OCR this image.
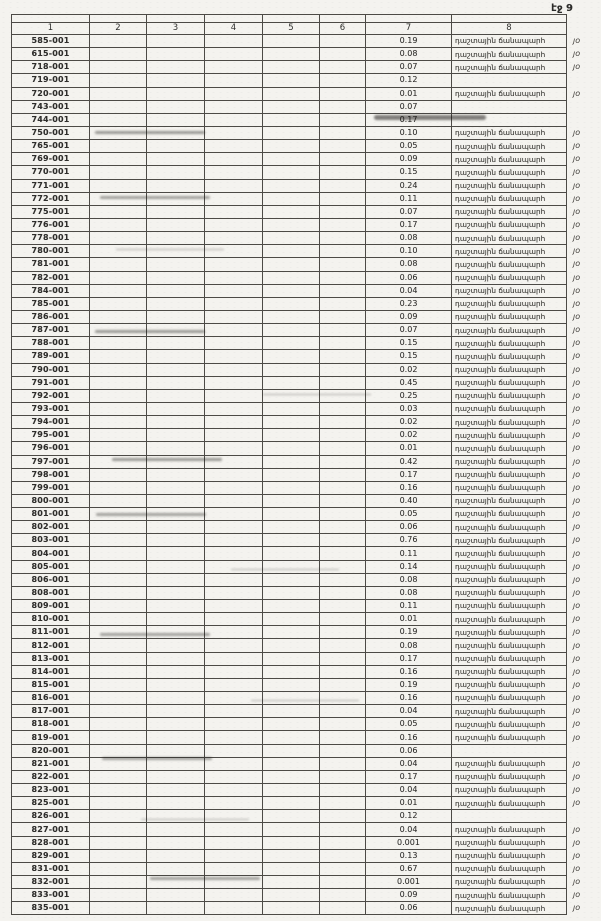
էջ 9

1	2	3	4	5	6	7	8	
585-001						0.19	դաշտային ճանապարհ	յօ
615-001						0.08	դաշտային ճանապարհ	յօ
718-001						0.07	դաշտային ճանապարհ	յօ
719-001						0.12		
720-001						0.01	դաշտային ճանապարհ	յօ
743-001						0.07		
744-001						0.17		
750-001						0.10	դաշտային ճանապարհ	յօ
765-001						0.05	դաշտային ճանապարհ	յօ
769-001						0.09	դաշտային ճանապարհ	յօ
770-001						0.15	դաշտային ճանապարհ	յօ
771-001						0.24	դաշտային ճանապարհ	յօ
772-001						0.11	դաշտային ճանապարհ	յօ
775-001						0.07	դաշտային ճանապարհ	յօ
776-001						0.17	դաշտային ճանապարհ	յօ
778-001						0.08	դաշտային ճանապարհ	յօ
780-001						0.10	դաշտային ճանապարհ	յօ
781-001						0.08	դաշտային ճանապարհ	յօ
782-001						0.06	դաշտային ճանապարհ	յօ
784-001						0.04	դաշտային ճանապարհ	յօ
785-001						0.23	դաշտային ճանապարհ	յօ
786-001						0.09	դաշտային ճանապարհ	յօ
787-001						0.07	դաշտային ճանապարհ	յօ
788-001						0.15	դաշտային ճանապարհ	յօ
789-001						0.15	դաշտային ճանապարհ	յօ
790-001						0.02	դաշտային ճանապարհ	յօ
791-001						0.45	դաշտային ճանապարհ	յօ
792-001						0.25	դաշտային ճանապարհ	յօ
793-001						0.03	դաշտային ճանապարհ	յօ
794-001						0.02	դաշտային ճանապարհ	յօ
795-001						0.02	դաշտային ճանապարհ	յօ
796-001						0.01	դաշտային ճանապարհ	յօ
797-001						0.42	դաշտային ճանապարհ	յօ
798-001						0.17	դաշտային ճանապարհ	յօ
799-001						0.16	դաշտային ճանապարհ	յօ
800-001						0.40	դաշտային ճանապարհ	յօ
801-001						0.05	դաշտային ճանապարհ	յօ
802-001						0.06	դաշտային ճանապարհ	յօ
803-001						0.76	դաշտային ճանապարհ	յօ
804-001						0.11	դաշտային ճանապարհ	յօ
805-001						0.14	դաշտային ճանապարհ	յօ
806-001						0.08	դաշտային ճանապարհ	յօ
808-001						0.08	դաշտային ճանապարհ	յօ
809-001						0.11	դաշտային ճանապարհ	յօ
810-001						0.01	դաշտային ճանապարհ	յօ
811-001						0.19	դաշտային ճանապարհ	յօ
812-001						0.08	դաշտային ճանապարհ	յօ
813-001						0.17	դաշտային ճանապարհ	յօ
814-001						0.16	դաշտային ճանապարհ	յօ
815-001						0.19	դաշտային ճանապարհ	յօ
816-001						0.16	դաշտային ճանապարհ	յօ
817-001						0.04	դաշտային ճանապարհ	յօ
818-001						0.05	դաշտային ճանապարհ	յօ
819-001						0.16	դաշտային ճանապարհ	յօ
820-001						0.06		
821-001						0.04	դաշտային ճանապարհ	յօ
822-001						0.17	դաշտային ճանապարհ	յօ
823-001						0.04	դաշտային ճանապարհ	յօ
825-001						0.01	դաշտային ճանապարհ	յօ
826-001						0.12		
827-001						0.04	դաշտային ճանապարհ	յօ
828-001						0.001	դաշտային ճանապարհ	յօ
829-001						0.13	դաշտային ճանապարհ	յօ
831-001						0.67	դաշտային ճանապարհ	յօ
832-001						0.001	դաշտային ճանապարհ	յօ
833-001						0.09	դաշտային ճանապարհ	յօ
835-001						0.06	դաշտային ճանապարհ	յօ
